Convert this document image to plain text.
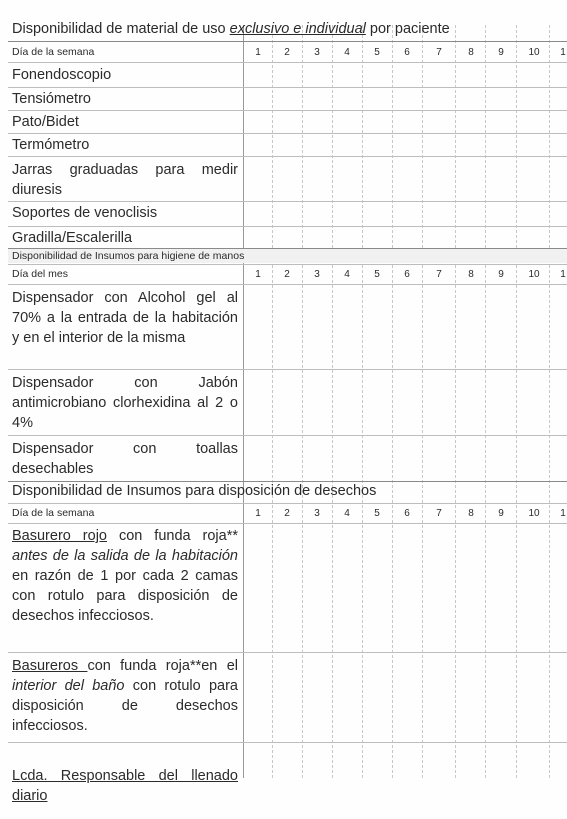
Disponibilidad de material de uso exclusivo e individual por paciente
Día de la semana	1	2	3	4	5	6	7	8	9	10	1
Fonendoscopio
Tensiómetro
Pato/Bidet
Termómetro
Jarras graduadas para medir diuresis
Soportes de venoclisis
Gradilla/Escalerilla
Disponibilidad de Insumos para higiene de manos
Día del mes	1	2	3	4	5	6	7	8	9	10	1
Dispensador con Alcohol gel al 70% a la entrada de la habitación y en el interior de la misma
Dispensador con Jabón antimicrobiano clorhexidina al 2 o 4%
Dispensador con toallas desechables
Disponibilidad de Insumos para disposición de desechos
Día de la semana	1	2	3	4	5	6	7	8	9	10	1
Basurero rojo con funda roja** antes de la salida de la habitación en razón de 1 por cada 2 camas con rotulo para disposición de desechos infecciosos.
Basureros con funda roja**en el interior del baño con rotulo para disposición de desechos infecciosos.
Lcda. Responsable del llenado diario
